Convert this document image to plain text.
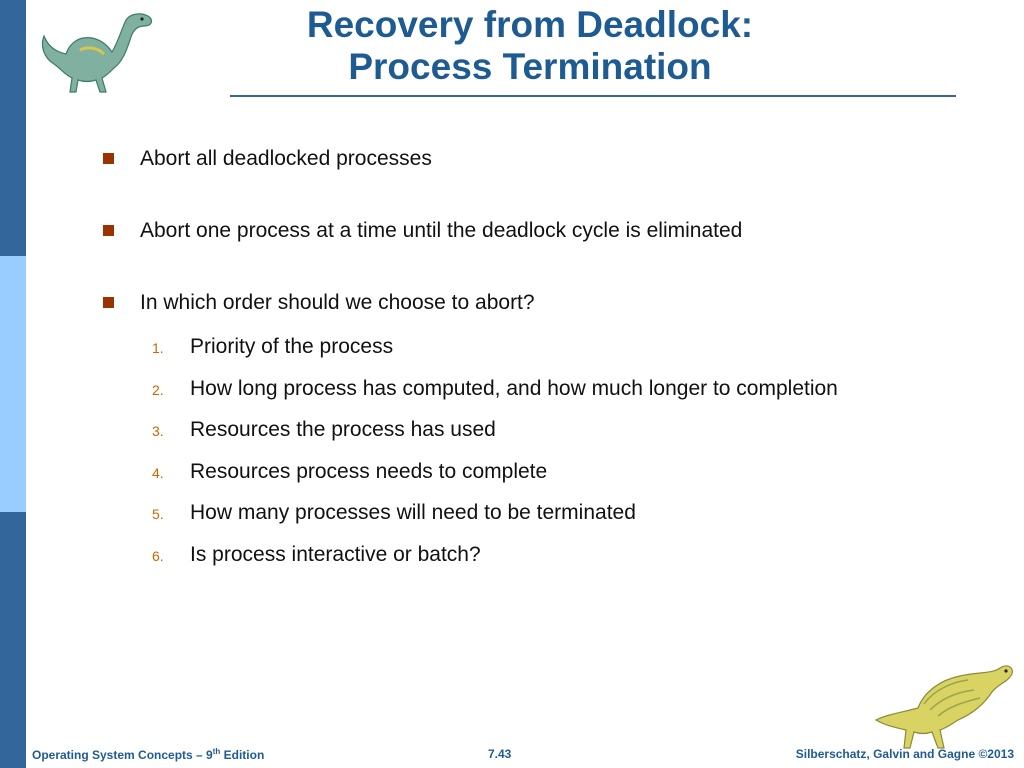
Recovery from Deadlock:
Process Termination
Abort all deadlocked processes
Abort one process at a time until the deadlock cycle is eliminated
In which order should we choose to abort?
1. Priority of the process
2. How long process has computed, and how much longer to completion
3. Resources the process has used
4. Resources process needs to complete
5. How many processes will need to be terminated
6. Is process interactive or batch?
Operating System Concepts – 9th Edition	7.43	Silberschatz, Galvin and Gagne ©2013
